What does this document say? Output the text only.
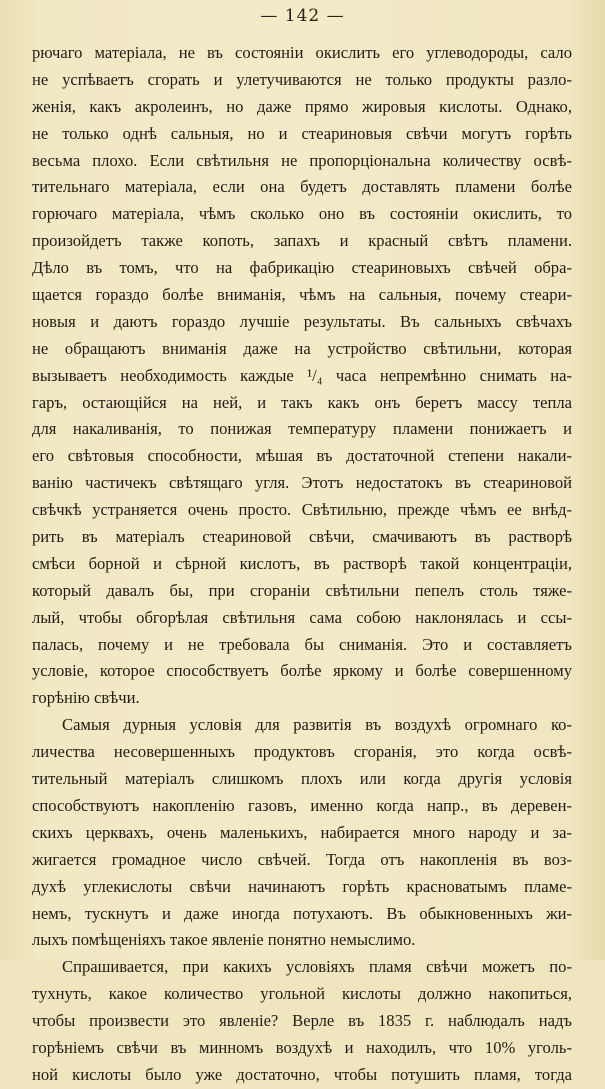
— 142 —
рючаго матеріала, не въ состояніи окислить его углеводороды, сало
не успѣваетъ сгорать и улетучиваются не только продукты разло-
женія, какъ акролеинъ, но даже прямо жировыя кислоты. Однако,
не только однѣ сальныя, но и стеариновыя свѣчи могутъ горѣть
весьма плохо. Если свѣтильня не пропорціональна количеству освѣ-
тительнаго матеріала, если она будетъ доставлять пламени болѣе
горючаго матеріала, чѣмъ сколько оно въ состояніи окислить, то
произойдетъ также копоть, запахъ и красный свѣтъ пламени.
Дѣло въ томъ, что на фабрикацію стеариновыхъ свѣчей обра-
щается гораздо болѣе вниманія, чѣмъ на сальныя, почему стеари-
новыя и даютъ гораздо лучшіе результаты. Въ сальныхъ свѣчахъ
не обращаютъ вниманія даже на устройство свѣтильни, которая
вызываетъ необходимость каждые ¹/₄ часа непремѣнно снимать на-
гаръ, остающійся на ней, и такъ какъ онъ беретъ массу тепла
для накаливанія, то понижая температуру пламени понижаетъ и
его свѣтовыя способности, мѣшая въ достаточной степени накали-
ванію частичекъ свѣтящаго угля. Этотъ недостатокъ въ стеариновой
свѣчкѣ устраняется очень просто. Свѣтильню, прежде чѣмъ ее внѣд-
рить въ матеріалъ стеариновой свѣчи, смачиваютъ въ растворѣ
смѣси борной и сѣрной кислотъ, въ растворѣ такой концентраціи,
который давалъ бы, при сгораніи свѣтильни пепелъ столь тяже-
лый, чтобы обгорѣлая свѣтильня сама собою наклонялась и ссы-
палась, почему и не требовала бы сниманія. Это и составляетъ
условіе, которое способствуетъ болѣе яркому и болѣе совершенному
горѣнію свѣчи.
Самыя дурныя условія для развитія въ воздухѣ огромнаго ко-
личества несовершенныхъ продуктовъ сгоранія, это когда освѣ-
тительный матеріалъ слишкомъ плохъ или когда другія условія
способствуютъ накопленію газовъ, именно когда напр., въ деревен-
скихъ церквахъ, очень маленькихъ, набирается много народу и за-
жигается громадное число свѣчей. Тогда отъ накопленія въ воз-
духѣ углекислоты свѣчи начинаютъ горѣть красноватымъ пламе-
немъ, тускнутъ и даже иногда потухаютъ. Въ обыкновенныхъ жи-
лыхъ помѣщеніяхъ такое явленіе понятно немыслимо.
Спрашивается, при какихъ условіяхъ пламя свѣчи можетъ по-
тухнуть, какое количество угольной кислоты должно накопиться,
чтобы произвести это явленіе? Верле въ 1835 г. наблюдалъ надъ
горѣніемъ свѣчи въ минномъ воздухѣ и находилъ, что 10% уголь-
ной кислоты было уже достаточно, чтобы потушить пламя, тогда
